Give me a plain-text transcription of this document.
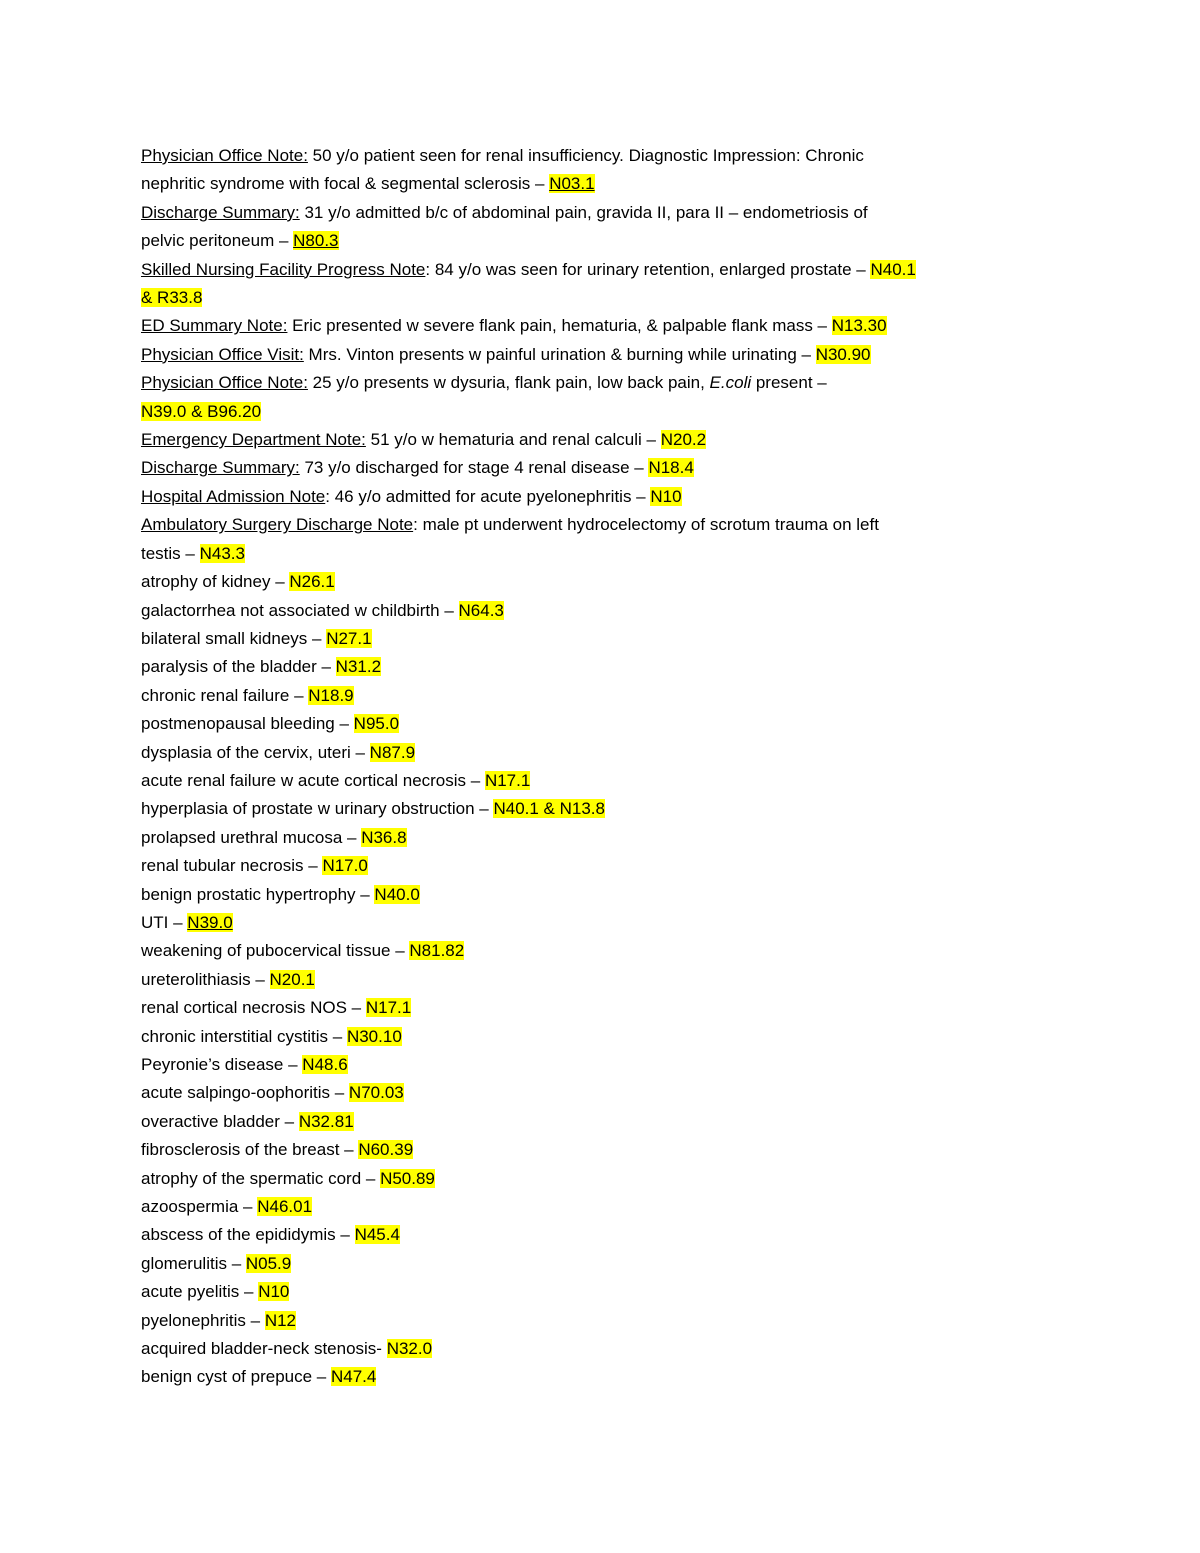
Physician Office Note: 50 y/o patient seen for renal insufficiency. Diagnostic Impression: Chronic
nephritic syndrome with focal & segmental sclerosis – N03.1
Discharge Summary: 31 y/o admitted b/c of abdominal pain, gravida II, para II – endometriosis of
pelvic peritoneum – N80.3
Skilled Nursing Facility Progress Note: 84 y/o was seen for urinary retention, enlarged prostate – N40.1
& R33.8
ED Summary Note: Eric presented w severe flank pain, hematuria, & palpable flank mass – N13.30
Physician Office Visit: Mrs. Vinton presents w painful urination & burning while urinating – N30.90
Physician Office Note: 25 y/o presents w dysuria, flank pain, low back pain, E.coli present –
N39.0 & B96.20
Emergency Department Note: 51 y/o w hematuria and renal calculi – N20.2
Discharge Summary: 73 y/o discharged for stage 4 renal disease – N18.4
Hospital Admission Note: 46 y/o admitted for acute pyelonephritis – N10
Ambulatory Surgery Discharge Note: male pt underwent hydrocelectomy of scrotum trauma on left
testis – N43.3
atrophy of kidney – N26.1
galactorrhea not associated w childbirth – N64.3
bilateral small kidneys – N27.1
paralysis of the bladder – N31.2
chronic renal failure – N18.9
postmenopausal bleeding – N95.0
dysplasia of the cervix, uteri – N87.9
acute renal failure w acute cortical necrosis – N17.1
hyperplasia of prostate w urinary obstruction – N40.1 & N13.8
prolapsed urethral mucosa – N36.8
renal tubular necrosis – N17.0
benign prostatic hypertrophy – N40.0
UTI – N39.0
weakening of pubocervical tissue – N81.82
ureterolithiasis – N20.1
renal cortical necrosis NOS – N17.1
chronic interstitial cystitis – N30.10
Peyronie’s disease – N48.6
acute salpingo-oophoritis – N70.03
overactive bladder – N32.81
fibrosclerosis of the breast – N60.39
atrophy of the spermatic cord – N50.89
azoospermia – N46.01
abscess of the epididymis – N45.4
glomerulitis – N05.9
acute pyelitis – N10
pyelonephritis – N12
acquired bladder-neck stenosis- N32.0
benign cyst of prepuce – N47.4
